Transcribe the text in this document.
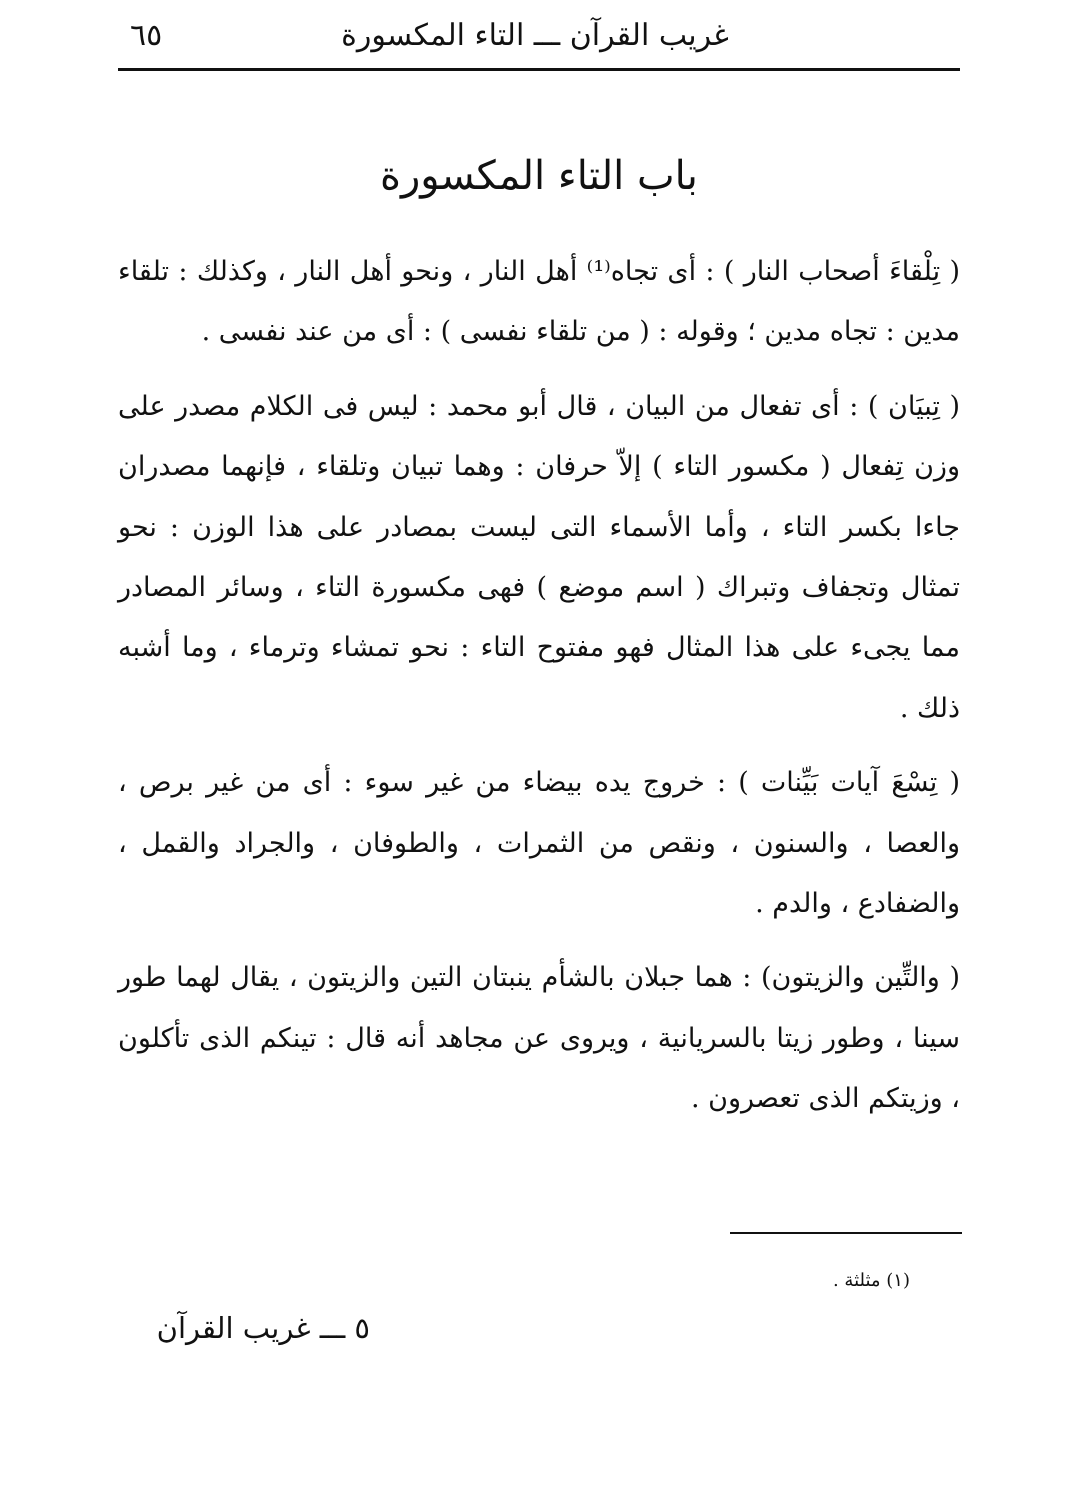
غريب القرآن ـــ التاء المكسورة
٦٥
باب التاء المكسورة

( تِلْقاءَ أصحاب النار ) : أى تجاه⁽¹⁾ أهل النار ، ونحو أهل النار ، وكذلك : تلقاء مدين : تجاه مدين ؛ وقوله : ( من تلقاء نفسى ) : أى من عند نفسى .

( تِبيَان ) : أى تفعال من البيان ، قال أبو محمد : ليس فى الكلام مصدر على وزن تِفعال ( مكسور التاء ) إلاّ حرفان : وهما تبيان وتلقاء ، فإنهما مصدران جاءا بكسر التاء ، وأما الأسماء التى ليست بمصادر على هذا الوزن : نحو تمثال وتجفاف وتبراك ( اسم موضع ) فهى مكسورة التاء ، وسائر المصادر مما يجىء على هذا المثال فهو مفتوح التاء : نحو تمشاء وترماء ، وما أشبه ذلك .

( تِسْعَ آيات بَيِّنات ) : خروج يده بيضاء من غير سوء : أى من غير برص ، والعصا ، والسنون ، ونقص من الثمرات ، والطوفان ، والجراد والقمل ، والضفادع ، والدم .

( والتِّين والزيتون) : هما جبلان بالشأم ينبتان التين والزيتون ، يقال لهما طور سينا ، وطور زيتا بالسريانية ، ويروى عن مجاهد أنه قال : تينكم الذى تأكلون ، وزيتكم الذى تعصرون .

(١) مثلثة .
٥ ـــ غريب القرآن
